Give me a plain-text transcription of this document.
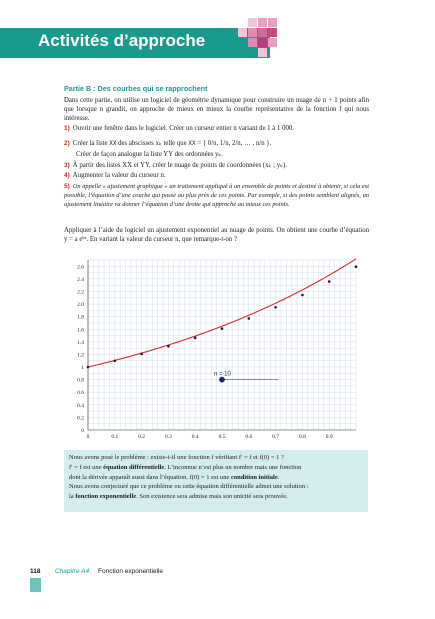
Activités d’approche
Partie B : Des courbes qui se rapprochent
Dans cette partie, on utilise un logiciel de géométrie dynamique pour construire un nuage de n + 1 points afin que lorsque n grandit, on approche de mieux en mieux la courbe représentative de la fonction f qui nous intéresse.
1) Ouvrir une fenêtre dans le logiciel. Créer un curseur entier n variant de 1 à 1 000.
2) Créer la liste XX des abscisses xₖ telle que XX = { 0/n, 1/n, 2/n, … , n/n }.
Créer de façon analogue la liste YY des ordonnées yₖ.
3) À partir des listes XX et YY, créer le nuage de points de coordonnées (xₖ ; yₖ).
4) Augmenter la valeur du curseur n.
5) On appelle « ajustement graphique » un traitement appliqué à un ensemble de points et destiné à obtenir, si cela est possible, l’équation d’une courbe qui passe au plus près de ces points. Par exemple, si des points semblent alignés, un ajustement linéaire va donner l’équation d’une droite qui approche au mieux ces points.
Appliquer à l’aide du logiciel un ajustement exponentiel au nuage de points. On obtient une courbe d’équation y = a eᵇˣ. En variant la valeur du curseur n, que remarque-t-on ?
0	0.1	0.2	0.3	0.4	0.5	0.6	0.7	0.8	0.9
0
0.2
0.4
0.6
0.8
1
1.2
1.4
1.6
1.8
2.0
2.2
2.4
2.6
n = 10
Nous avons posé le problème : existe-t-il une fonction f vérifiant f′ = f et f(0) = 1 ?
f′ = f est une équation différentielle. L’inconnue n’est plus un nombre mais une fonction
dont la dérivée apparaît aussi dans l’équation. f(0) = 1 est une condition initiale.
Nous avons conjecturé que ce problème ou cette équation différentielle admet une solution :
la fonction exponentielle. Son existence sera admise mais son unicité sera prouvée.
118 Chapitre A4. Fonction exponentielle
